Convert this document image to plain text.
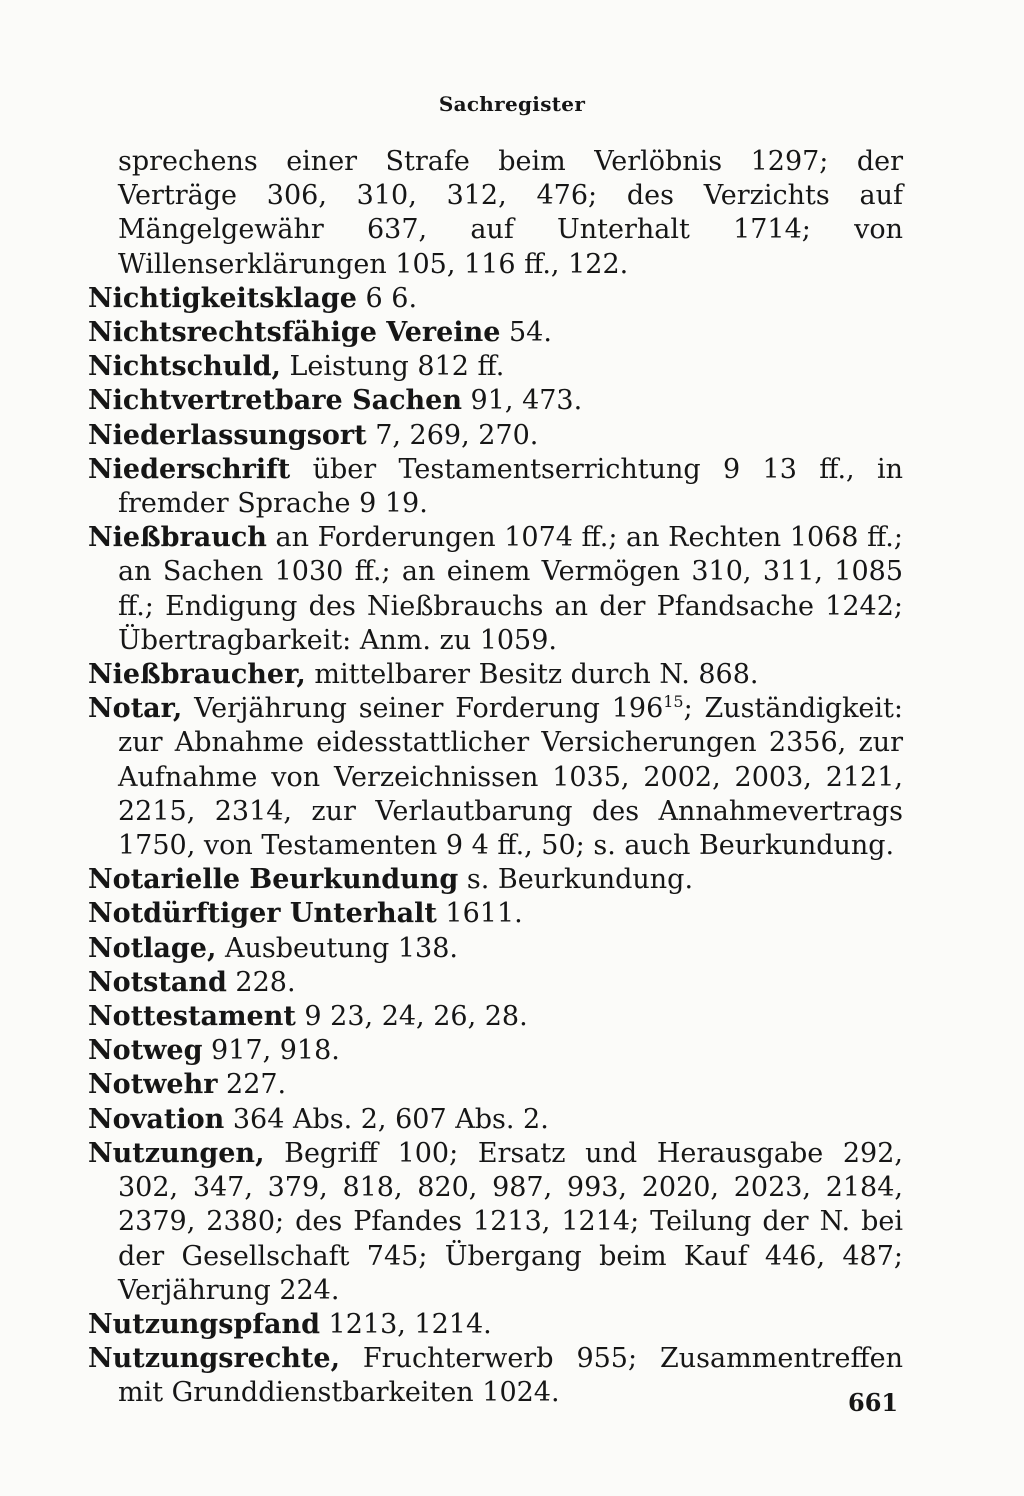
Sachregister
sprechens einer Strafe beim Verlöbnis 1297; der Verträge 306, 310, 312, 476; des Verzichts auf Mängelgewähr 637, auf Unterhalt 1714; von Willenserklärungen 105, 116 ff., 122.
Nichtigkeitsklage 6 6.
Nichtsrechtsfähige Vereine 54.
Nichtschuld, Leistung 812 ff.
Nichtvertretbare Sachen 91, 473.
Niederlassungsort 7, 269, 270.
Niederschrift über Testamentserrichtung 9 13 ff., in fremder Sprache 9 19.
Nießbrauch an Forderungen 1074 ff.; an Rechten 1068 ff.; an Sachen 1030 ff.; an einem Vermögen 310, 311, 1085 ff.; Endigung des Nießbrauchs an der Pfandsache 1242; Übertragbarkeit: Anm. zu 1059.
Nießbraucher, mittelbarer Besitz durch N. 868.
Notar, Verjährung seiner Forderung $196^{15}$; Zuständigkeit: zur Abnahme eidesstattlicher Versicherungen 2356, zur Aufnahme von Verzeichnissen 1035, 2002, 2003, 2121, 2215, 2314, zur Verlautbarung des Annahmevertrags 1750, von Testamenten 9 4 ff., 50; s. auch Beurkundung.
Notarielle Beurkundung s. Beurkundung.
Notdürftiger Unterhalt 1611.
Notlage, Ausbeutung 138.
Notstand 228.
Nottestament 9 23, 24, 26, 28.
Notweg 917, 918.
Notwehr 227.
Novation 364 Abs. 2, 607 Abs. 2.
Nutzungen, Begriff 100; Ersatz und Herausgabe 292, 302, 347, 379, 818, 820, 987, 993, 2020, 2023, 2184, 2379, 2380; des Pfandes 1213, 1214; Teilung der N. bei der Gesellschaft 745; Übergang beim Kauf 446, 487; Verjährung 224.
Nutzungspfand 1213, 1214.
Nutzungsrechte, Fruchterwerb 955; Zusammentreffen mit Grunddienstbarkeiten 1024.	661
